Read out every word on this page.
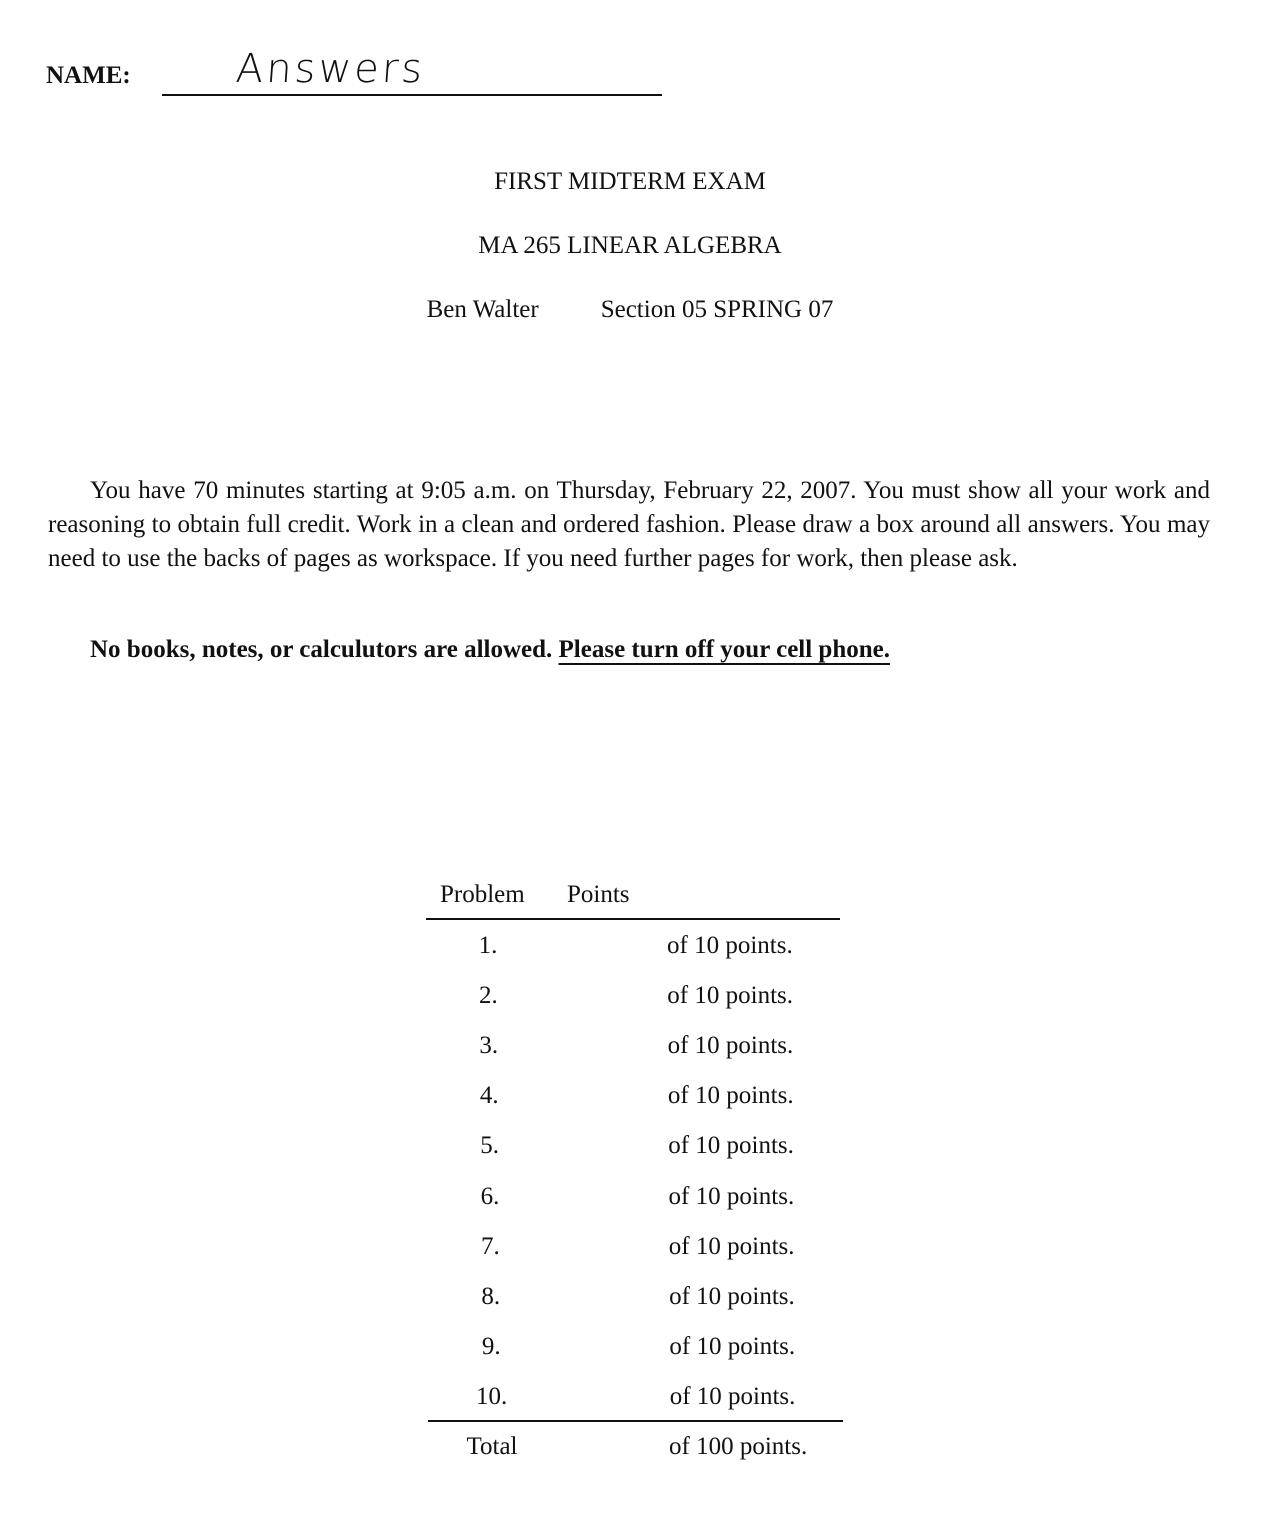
NAME:	Answers
FIRST MIDTERM EXAM
MA 265 LINEAR ALGEBRA
Ben Walter Section 05 SPRING 07

You have 70 minutes starting at 9:05 a.m. on Thursday, February 22, 2007. You must show all your work and reasoning to obtain full credit. Work in a clean and ordered fashion. Please draw a box around all answers. You may need to use the backs of pages as workspace. If you need further pages for work, then please ask.

No books, notes, or calculutors are allowed. Please turn off your cell phone.
Problem Points
1.	of 10 points.
2.	of 10 points.
3.	of 10 points.
4.	of 10 points.
5.	of 10 points.
6.	of 10 points.
7.	of 10 points.
8.	of 10 points.
9.	of 10 points.
10.	of 10 points.
Total	of 100 points.
